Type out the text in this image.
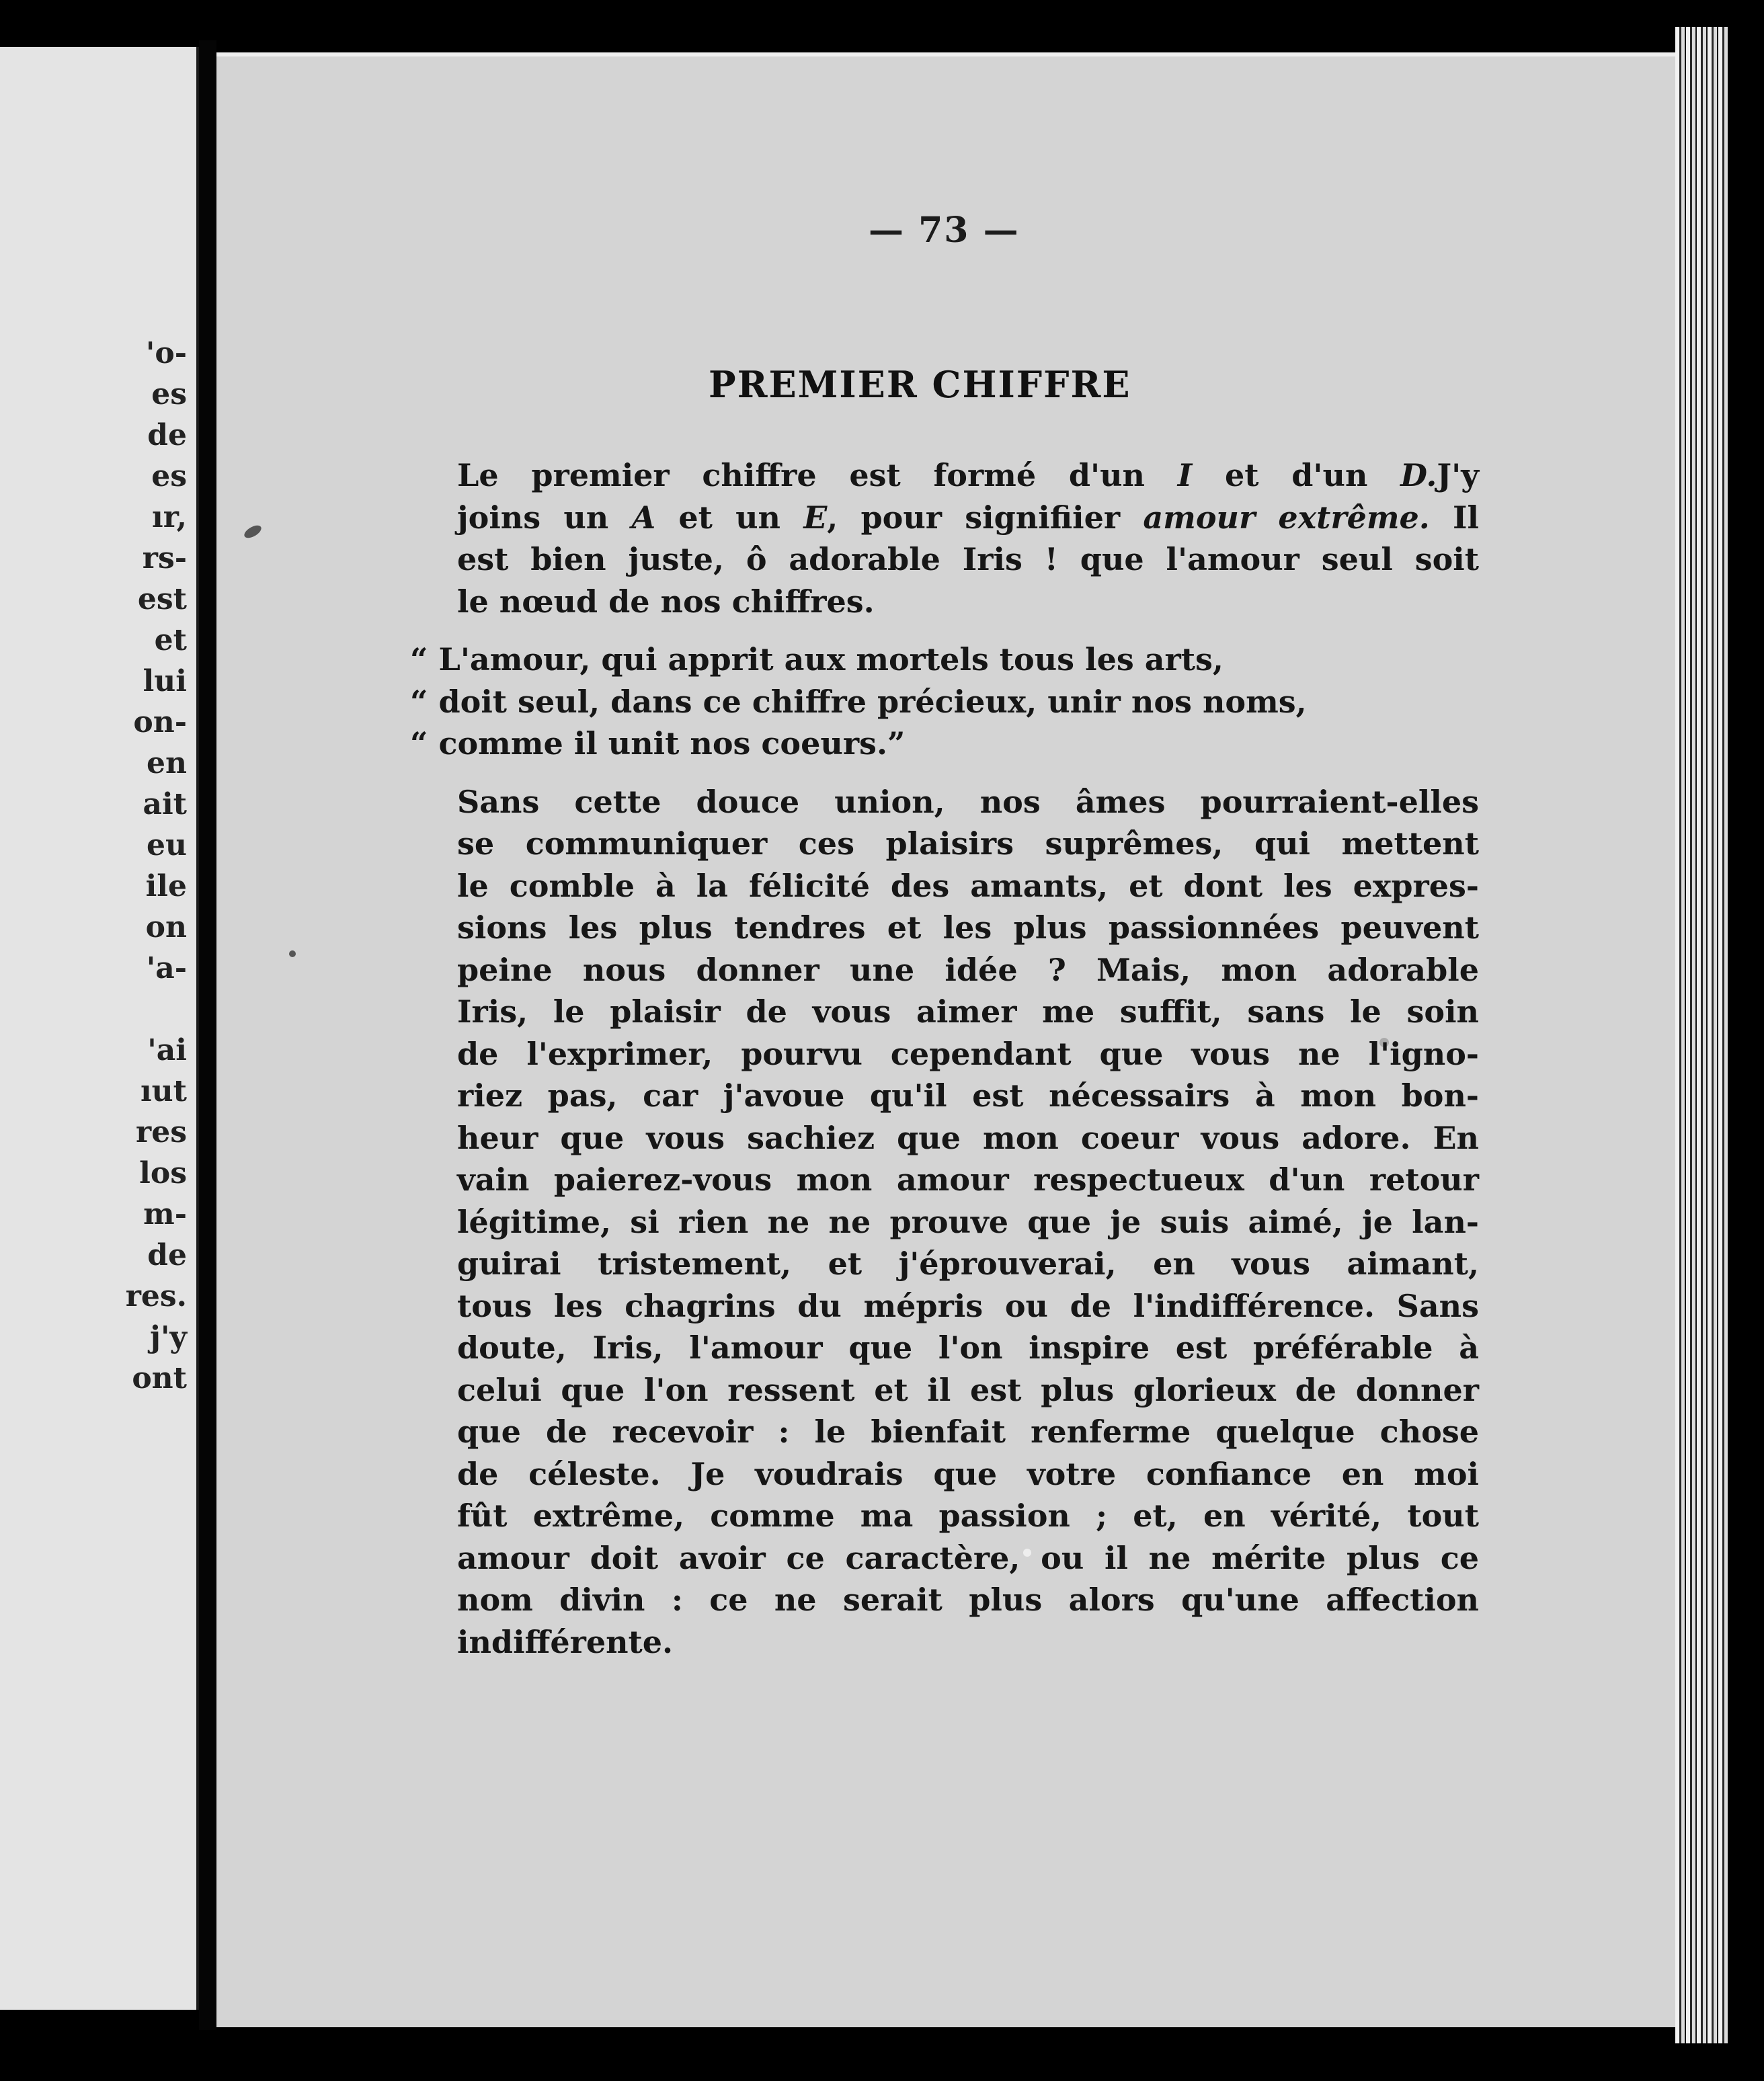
'o-
es
de
es
ır,
rs-
est
et
lui
on-
en
ait
eu
ile
on
'a-
'ai
ıut
res
los
m-
de
res.
j'y
ont
— 73 —
PREMIER CHIFFRE

Le premier chiffre est formé d'un I et d'un D.J'y
joins un A et un E, pour signifiier amour extrême. Il
est bien juste, ô adorable Iris ! que l'amour seul soit
le nœud de nos chiffres.

“ L'amour, qui apprit aux mortels tous les arts,
“ doit seul, dans ce chiffre précieux, unir nos noms,
“ comme il unit nos coeurs.”

Sans cette douce union, nos âmes pourraient-elles
se communiquer ces plaisirs suprêmes, qui mettent
le comble à la félicité des amants, et dont les expres-
sions les plus tendres et les plus passionnées peuvent
peine nous donner une idée ? Mais, mon adorable
Iris, le plaisir de vous aimer me suffit, sans le soin
de l'exprimer, pourvu cependant que vous ne l'igno-
riez pas, car j'avoue qu'il est nécessairs à mon bon-
heur que vous sachiez que mon coeur vous adore. En
vain paierez-vous mon amour respectueux d'un retour
légitime, si rien ne ne prouve que je suis aimé, je lan-
guirai tristement, et j'éprouverai, en vous aimant,
tous les chagrins du mépris ou de l'indifférence. Sans
doute, Iris, l'amour que l'on inspire est préférable à
celui que l'on ressent et il est plus glorieux de donner
que de recevoir : le bienfait renferme quelque chose
de céleste. Je voudrais que votre confiance en moi
fût extrême, comme ma passion ; et, en vérité, tout
amour doit avoir ce caractère, ou il ne mérite plus ce
nom divin : ce ne serait plus alors qu'une affection
indifférente.
